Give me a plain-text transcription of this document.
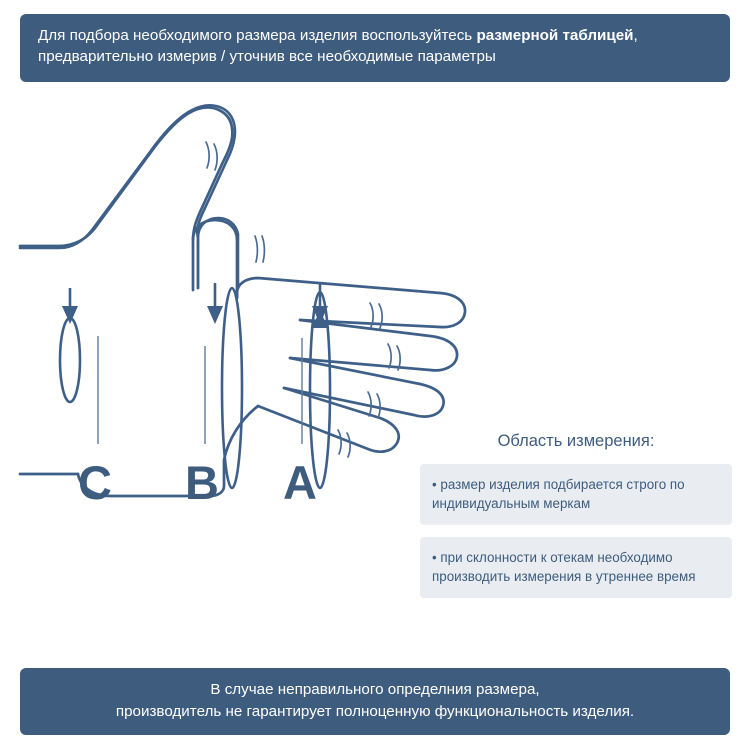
Для подбора необходимого размера изделия воспользуйтесь размерной таблицей, предварительно измерив / уточнив все необходимые параметры
C B A
Область измерения:
• размер изделия подбирается строго по индивидуальным меркам
• при склонности к отекам необходимо производить измерения в утреннее время
В случае неправильного определния размера,
производитель не гарантирует полноценную функциональность изделия.
